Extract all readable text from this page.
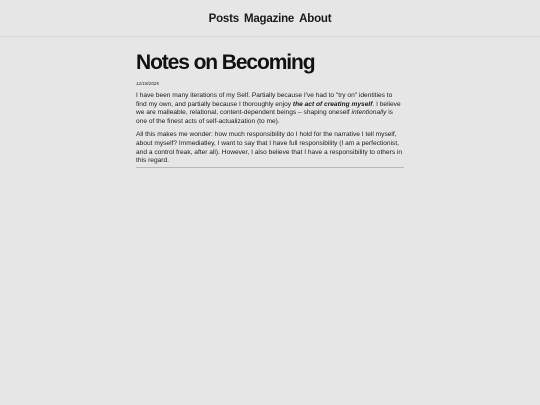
Posts Magazine About
Notes on Becoming
12/18/2025

I have been many iterations of my Self. Partially because I've had to "try on" identities to find my own, and partially because I thoroughly enjoy the act of creating myself. I believe we are malleable, relational, content-dependent beings – shaping oneself intentionally is one of the finest acts of self-actualization (to me).

All this makes me wonder: how much responsibility do I hold for the narrative I tell myself, about myself? Immediatley, I want to say that I have full responsibility (I am a perfectionist, and a control freak, after all). However, I also believe that I have a responsibility to others in this regard.
